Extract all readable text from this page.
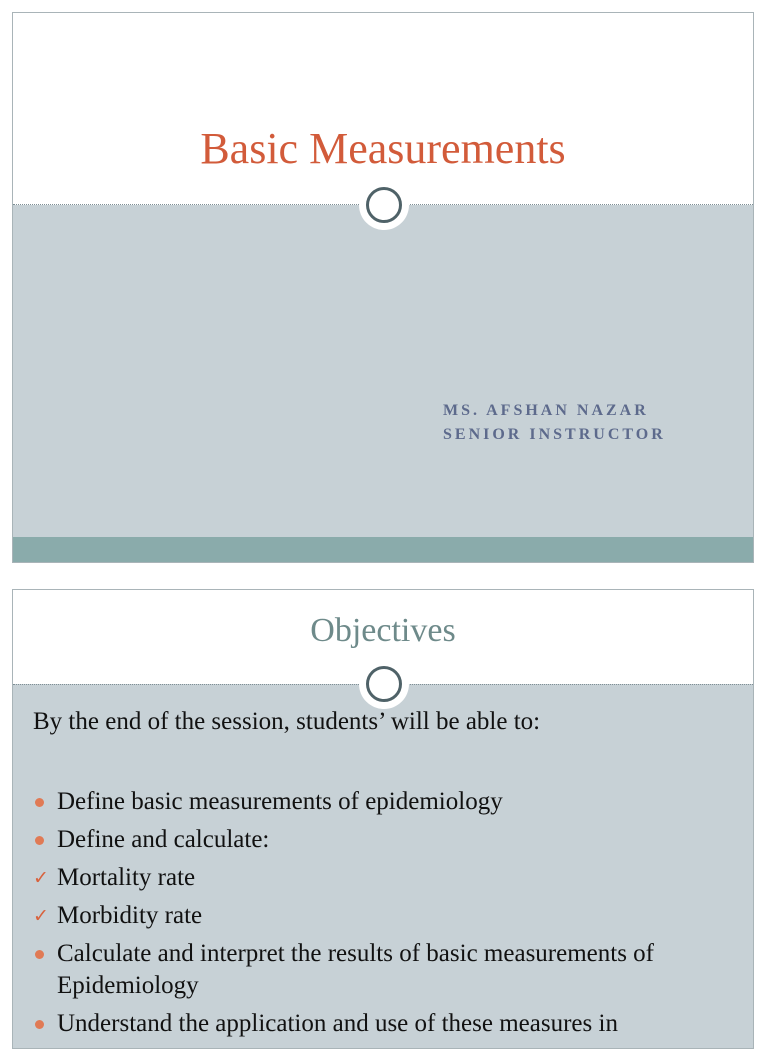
Basic Measurements
MS. AFSHAN NAZAR
SENIOR INSTRUCTOR
Objectives

By the end of the session, students’ will be able to:

Define basic measurements of epidemiology
Define and calculate:
✓ Mortality rate
✓ Morbidity rate
Calculate and interpret the results of basic measurements of Epidemiology
Understand the application and use of these measures in
